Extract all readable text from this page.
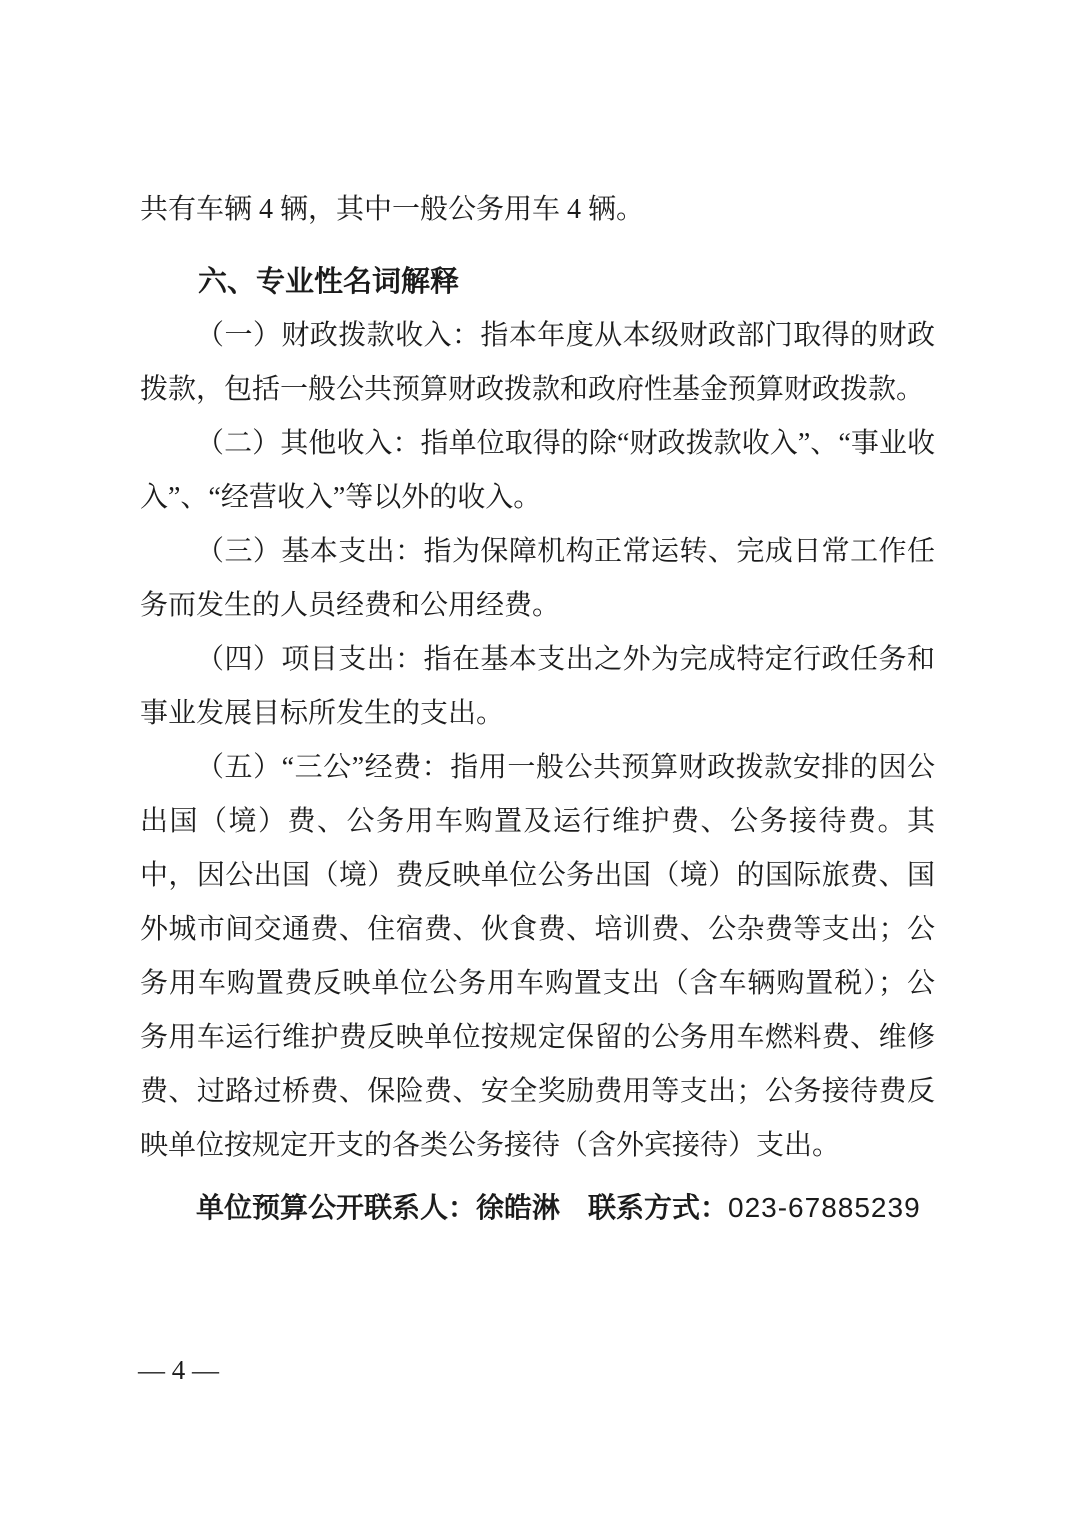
共有车辆 4 辆，其中一般公务用车 4 辆。

六、专业性名词解释

（一）财政拨款收入：指本年度从本级财政部门取得的财政拨款，包括一般公共预算财政拨款和政府性基金预算财政拨款。

（二）其他收入：指单位取得的除“财政拨款收入”、“事业收入”、“经营收入”等以外的收入。

（三）基本支出：指为保障机构正常运转、完成日常工作任务而发生的人员经费和公用经费。

（四）项目支出：指在基本支出之外为完成特定行政任务和事业发展目标所发生的支出。

（五）“三公”经费：指用一般公共预算财政拨款安排的因公出国（境）费、公务用车购置及运行维护费、公务接待费。其中，因公出国（境）费反映单位公务出国（境）的国际旅费、国外城市间交通费、住宿费、伙食费、培训费、公杂费等支出；公务用车购置费反映单位公务用车购置支出（含车辆购置税）；公务用车运行维护费反映单位按规定保留的公务用车燃料费、维修费、过路过桥费、保险费、安全奖励费用等支出；公务接待费反映单位按规定开支的各类公务接待（含外宾接待）支出。

单位预算公开联系人：徐皓淋　联系方式：023-67885239

— 4 —
